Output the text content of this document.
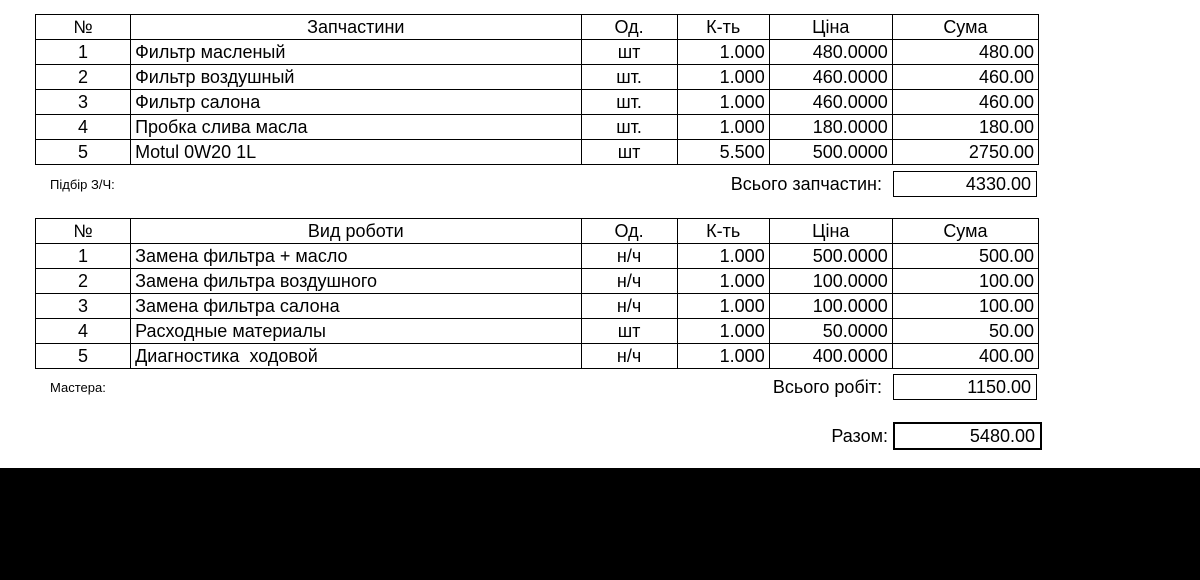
№	Запчастини	Од.	К-ть	Ціна	Сума
1	Фильтр масленый	шт	1.000	480.0000	480.00
2	Фильтр воздушный	шт.	1.000	460.0000	460.00
3	Фильтр салона	шт.	1.000	460.0000	460.00
4	Пробка слива масла	шт.	1.000	180.0000	180.00
5	Motul 0W20 1L	шт	5.500	500.0000	2750.00
Підбір З/Ч:	Всього запчастин:	4330.00
№	Вид роботи	Од.	К-ть	Ціна	Сума
1	Замена фильтра + масло	н/ч	1.000	500.0000	500.00
2	Замена фильтра воздушного	н/ч	1.000	100.0000	100.00
3	Замена фильтра салона	н/ч	1.000	100.0000	100.00
4	Расходные материалы	шт	1.000	50.0000	50.00
5	Диагностика  ходовой	н/ч	1.000	400.0000	400.00
Мастера:	Всього робіт:	1150.00
Разом:	5480.00
